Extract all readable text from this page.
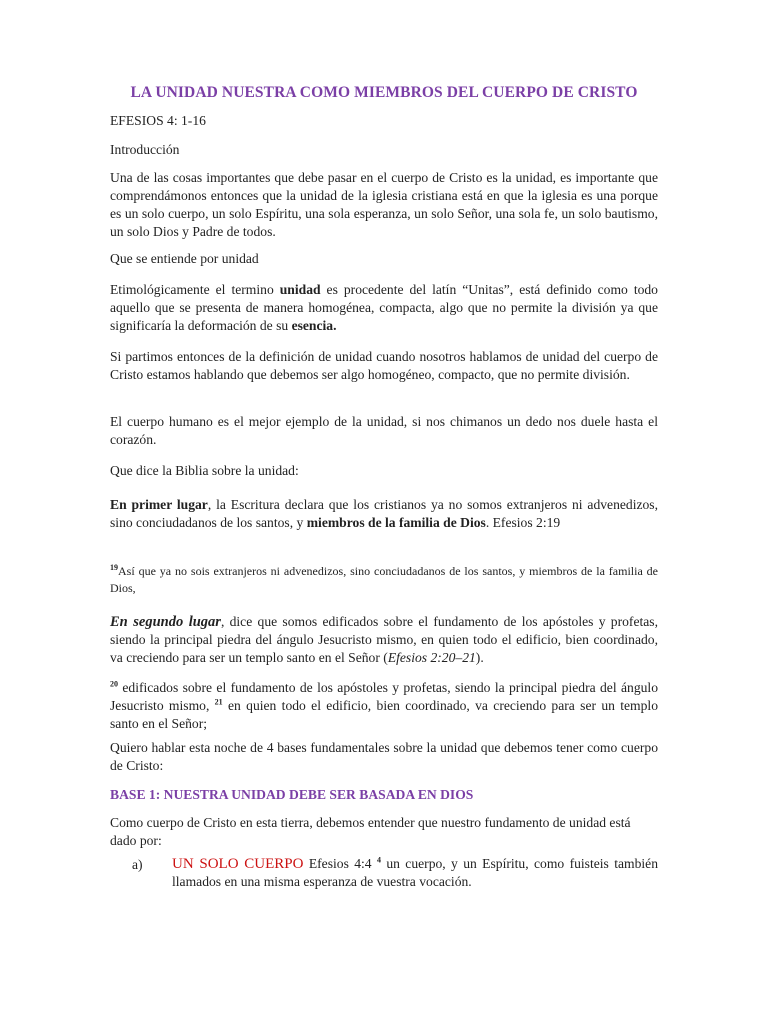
LA UNIDAD NUESTRA COMO MIEMBROS DEL CUERPO DE CRISTO
EFESIOS 4: 1-16
Introducción
Una de las cosas importantes que debe pasar en el cuerpo de Cristo es la unidad, es importante que comprendámonos entonces que la unidad de la iglesia cristiana está en que la iglesia es una porque es un solo cuerpo, un solo Espíritu, una sola esperanza, un solo Señor, una sola fe, un solo bautismo, un solo Dios y Padre de todos.
Que se entiende por unidad
Etimológicamente el termino unidad es procedente del latín “Unitas”, está definido como todo aquello que se presenta de manera homogénea, compacta, algo que no permite la división ya que significaría la deformación de su esencia.
Si partimos entonces de la definición de unidad cuando nosotros hablamos de unidad del cuerpo de Cristo estamos hablando que debemos ser algo homogéneo, compacto, que no permite división.
El cuerpo humano es el mejor ejemplo de la unidad, si nos chimanos un dedo nos duele hasta el corazón.
Que dice la Biblia sobre la unidad:
En primer lugar, la Escritura declara que los cristianos ya no somos extranjeros ni advenedizos, sino conciudadanos de los santos, y miembros de la familia de Dios. Efesios 2:19
$^{19}$Así que ya no sois extranjeros ni advenedizos, sino conciudadanos de los santos, y miembros de la familia de Dios,
En segundo lugar, dice que somos edificados sobre el fundamento de los apóstoles y profetas, siendo la principal piedra del ángulo Jesucristo mismo, en quien todo el edificio, bien coordinado, va creciendo para ser un templo santo en el Señor (Efesios 2:20–21).
$^{20}$ edificados sobre el fundamento de los apóstoles y profetas, siendo la principal piedra del ángulo Jesucristo mismo, $^{21}$ en quien todo el edificio, bien coordinado, va creciendo para ser un templo santo en el Señor;
Quiero hablar esta noche de 4 bases fundamentales sobre la unidad que debemos tener como cuerpo de Cristo:
BASE 1: NUESTRA UNIDAD DEBE SER BASADA EN DIOS
Como cuerpo de Cristo en esta tierra, debemos entender que nuestro fundamento de unidad está dado por:
a) UN SOLO CUERPO Efesios 4:4 $^4$ un cuerpo, y un Espíritu, como fuisteis también llamados en una misma esperanza de vuestra vocación.
